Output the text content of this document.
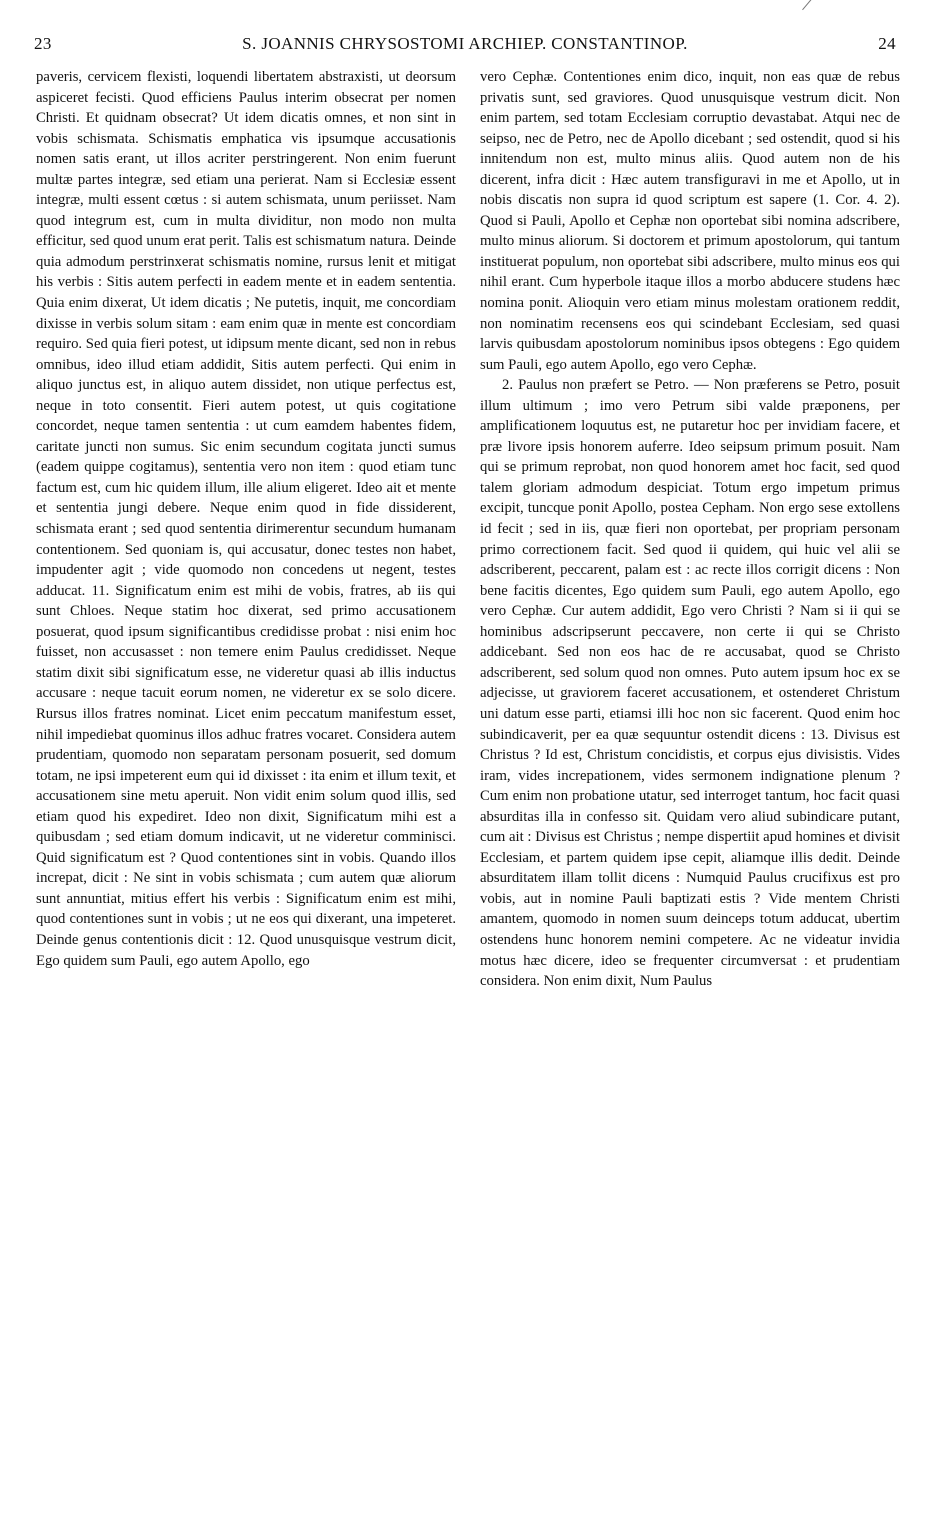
23	S. JOANNIS CHRYSOSTOMI ARCHIEP. CONSTANTINOP.	24

paveris, cervicem flexisti, loquendi libertatem abstraxisti, ut deorsum aspiceret fecisti. Quod efficiens Paulus interim obsecrat per nomen Christi. Et quidnam obsecrat? Ut idem dicatis omnes, et non sint in vobis schismata. Schismatis emphatica vis ipsumque accusationis nomen satis erant, ut illos acriter perstringerent. Non enim fuerunt multæ partes integræ, sed etiam una perierat. Nam si Ecclesiæ essent integræ, multi essent cœtus : si autem schismata, unum periisset. Nam quod integrum est, cum in multa dividitur, non modo non multa efficitur, sed quod unum erat perit. Talis est schismatum natura. Deinde quia admodum perstrinxerat schismatis nomine, rursus lenit et mitigat his verbis : Sitis autem perfecti in eadem mente et in eadem sententia. Quia enim dixerat, Ut idem dicatis ; Ne putetis, inquit, me concordiam dixisse in verbis solum sitam : eam enim quæ in mente est concordiam requiro. Sed quia fieri potest, ut idipsum mente dicant, sed non in rebus omnibus, ideo illud etiam addidit, Sitis autem perfecti. Qui enim in aliquo junctus est, in aliquo autem dissidet, non utique perfectus est, neque in toto consentit. Fieri autem potest, ut quis cogitatione concordet, neque tamen sententia : ut cum eamdem habentes fidem, caritate juncti non sumus. Sic enim secundum cogitata juncti sumus (eadem quippe cogitamus), sententia vero non item : quod etiam tunc factum est, cum hic quidem illum, ille alium eligeret. Ideo ait et mente et sententia jungi debere. Neque enim quod in fide dissiderent, schismata erant ; sed quod sententia dirimerentur secundum humanam contentionem. Sed quoniam is, qui accusatur, donec testes non habet, impudenter agit ; vide quomodo non concedens ut negent, testes adducat. 11. Significatum enim est mihi de vobis, fratres, ab iis qui sunt Chloes. Neque statim hoc dixerat, sed primo accusationem posuerat, quod ipsum significantibus credidisse probat : nisi enim hoc fuisset, non accusasset : non temere enim Paulus credidisset. Neque statim dixit sibi significatum esse, ne videretur quasi ab illis inductus accusare : neque tacuit eorum nomen, ne videretur ex se solo dicere. Rursus illos fratres nominat. Licet enim peccatum manifestum esset, nihil impediebat quominus illos adhuc fratres vocaret. Considera autem prudentiam, quomodo non separatam personam posuerit, sed domum totam, ne ipsi impeterent eum qui id dixisset : ita enim et illum texit, et accusationem sine metu aperuit. Non vidit enim solum quod illis, sed etiam quod his expediret. Ideo non dixit, Significatum mihi est a quibusdam ; sed etiam domum indicavit, ut ne videretur comminisci. Quid significatum est ? Quod contentiones sint in vobis. Quando illos increpat, dicit : Ne sint in vobis schismata ; cum autem quæ aliorum sunt annuntiat, mitius effert his verbis : Significatum enim est mihi, quod contentiones sunt in vobis ; ut ne eos qui dixerant, una impeteret. Deinde genus contentionis dicit : 12. Quod unusquisque vestrum dicit, Ego quidem sum Pauli, ego autem Apollo, ego

vero Cephæ. Contentiones enim dico, inquit, non eas quæ de rebus privatis sunt, sed graviores. Quod unusquisque vestrum dicit. Non enim partem, sed totam Ecclesiam corruptio devastabat. Atqui nec de seipso, nec de Petro, nec de Apollo dicebant ; sed ostendit, quod si his innitendum non est, multo minus aliis. Quod autem non de his dicerent, infra dicit : Hæc autem transfiguravi in me et Apollo, ut in nobis discatis non supra id quod scriptum est sapere (1. Cor. 4. 2). Quod si Pauli, Apollo et Cephæ non oportebat sibi nomina adscribere, multo minus aliorum. Si doctorem et primum apostolorum, qui tantum instituerat populum, non oportebat sibi adscribere, multo minus eos qui nihil erant. Cum hyperbole itaque illos a morbo abducere studens hæc nomina ponit. Alioquin vero etiam minus molestam orationem reddit, non nominatim recensens eos qui scindebant Ecclesiam, sed quasi larvis quibusdam apostolorum nominibus ipsos obtegens : Ego quidem sum Pauli, ego autem Apollo, ego vero Cephæ.

2. Paulus non præfert se Petro. — Non præferens se Petro, posuit illum ultimum ; imo vero Petrum sibi valde præponens, per amplificationem loquutus est, ne putaretur hoc per invidiam facere, et præ livore ipsis honorem auferre. Ideo seipsum primum posuit. Nam qui se primum reprobat, non quod honorem amet hoc facit, sed quod talem gloriam admodum despiciat. Totum ergo impetum primus excipit, tuncque ponit Apollo, postea Cepham. Non ergo sese extollens id fecit ; sed in iis, quæ fieri non oportebat, per propriam personam primo correctionem facit. Sed quod ii quidem, qui huic vel alii se adscriberent, peccarent, palam est : ac recte illos corrigit dicens : Non bene facitis dicentes, Ego quidem sum Pauli, ego autem Apollo, ego vero Cephæ. Cur autem addidit, Ego vero Christi ? Nam si ii qui se hominibus adscripserunt peccavere, non certe ii qui se Christo addicebant. Sed non eos hac de re accusabat, quod se Christo adscriberent, sed solum quod non omnes. Puto autem ipsum hoc ex se adjecisse, ut graviorem faceret accusationem, et ostenderet Christum uni datum esse parti, etiamsi illi hoc non sic facerent. Quod enim hoc subindicaverit, per ea quæ sequuntur ostendit dicens : 13. Divisus est Christus ? Id est, Christum concidistis, et corpus ejus divisistis. Vides iram, vides increpationem, vides sermonem indignatione plenum ? Cum enim non probatione utatur, sed interroget tantum, hoc facit quasi absurditas illa in confesso sit. Quidam vero aliud subindicare putant, cum ait : Divisus est Christus ; nempe dispertiit apud homines et divisit Ecclesiam, et partem quidem ipse cepit, aliamque illis dedit. Deinde absurditatem illam tollit dicens : Numquid Paulus crucifixus est pro vobis, aut in nomine Pauli baptizati estis ? Vide mentem Christi amantem, quomodo in nomen suum deinceps totum adducat, ubertim ostendens hunc honorem nemini competere. Ac ne videatur invidia motus hæc dicere, ideo se frequenter circumversat : et prudentiam considera. Non enim dixit, Num Paulus
